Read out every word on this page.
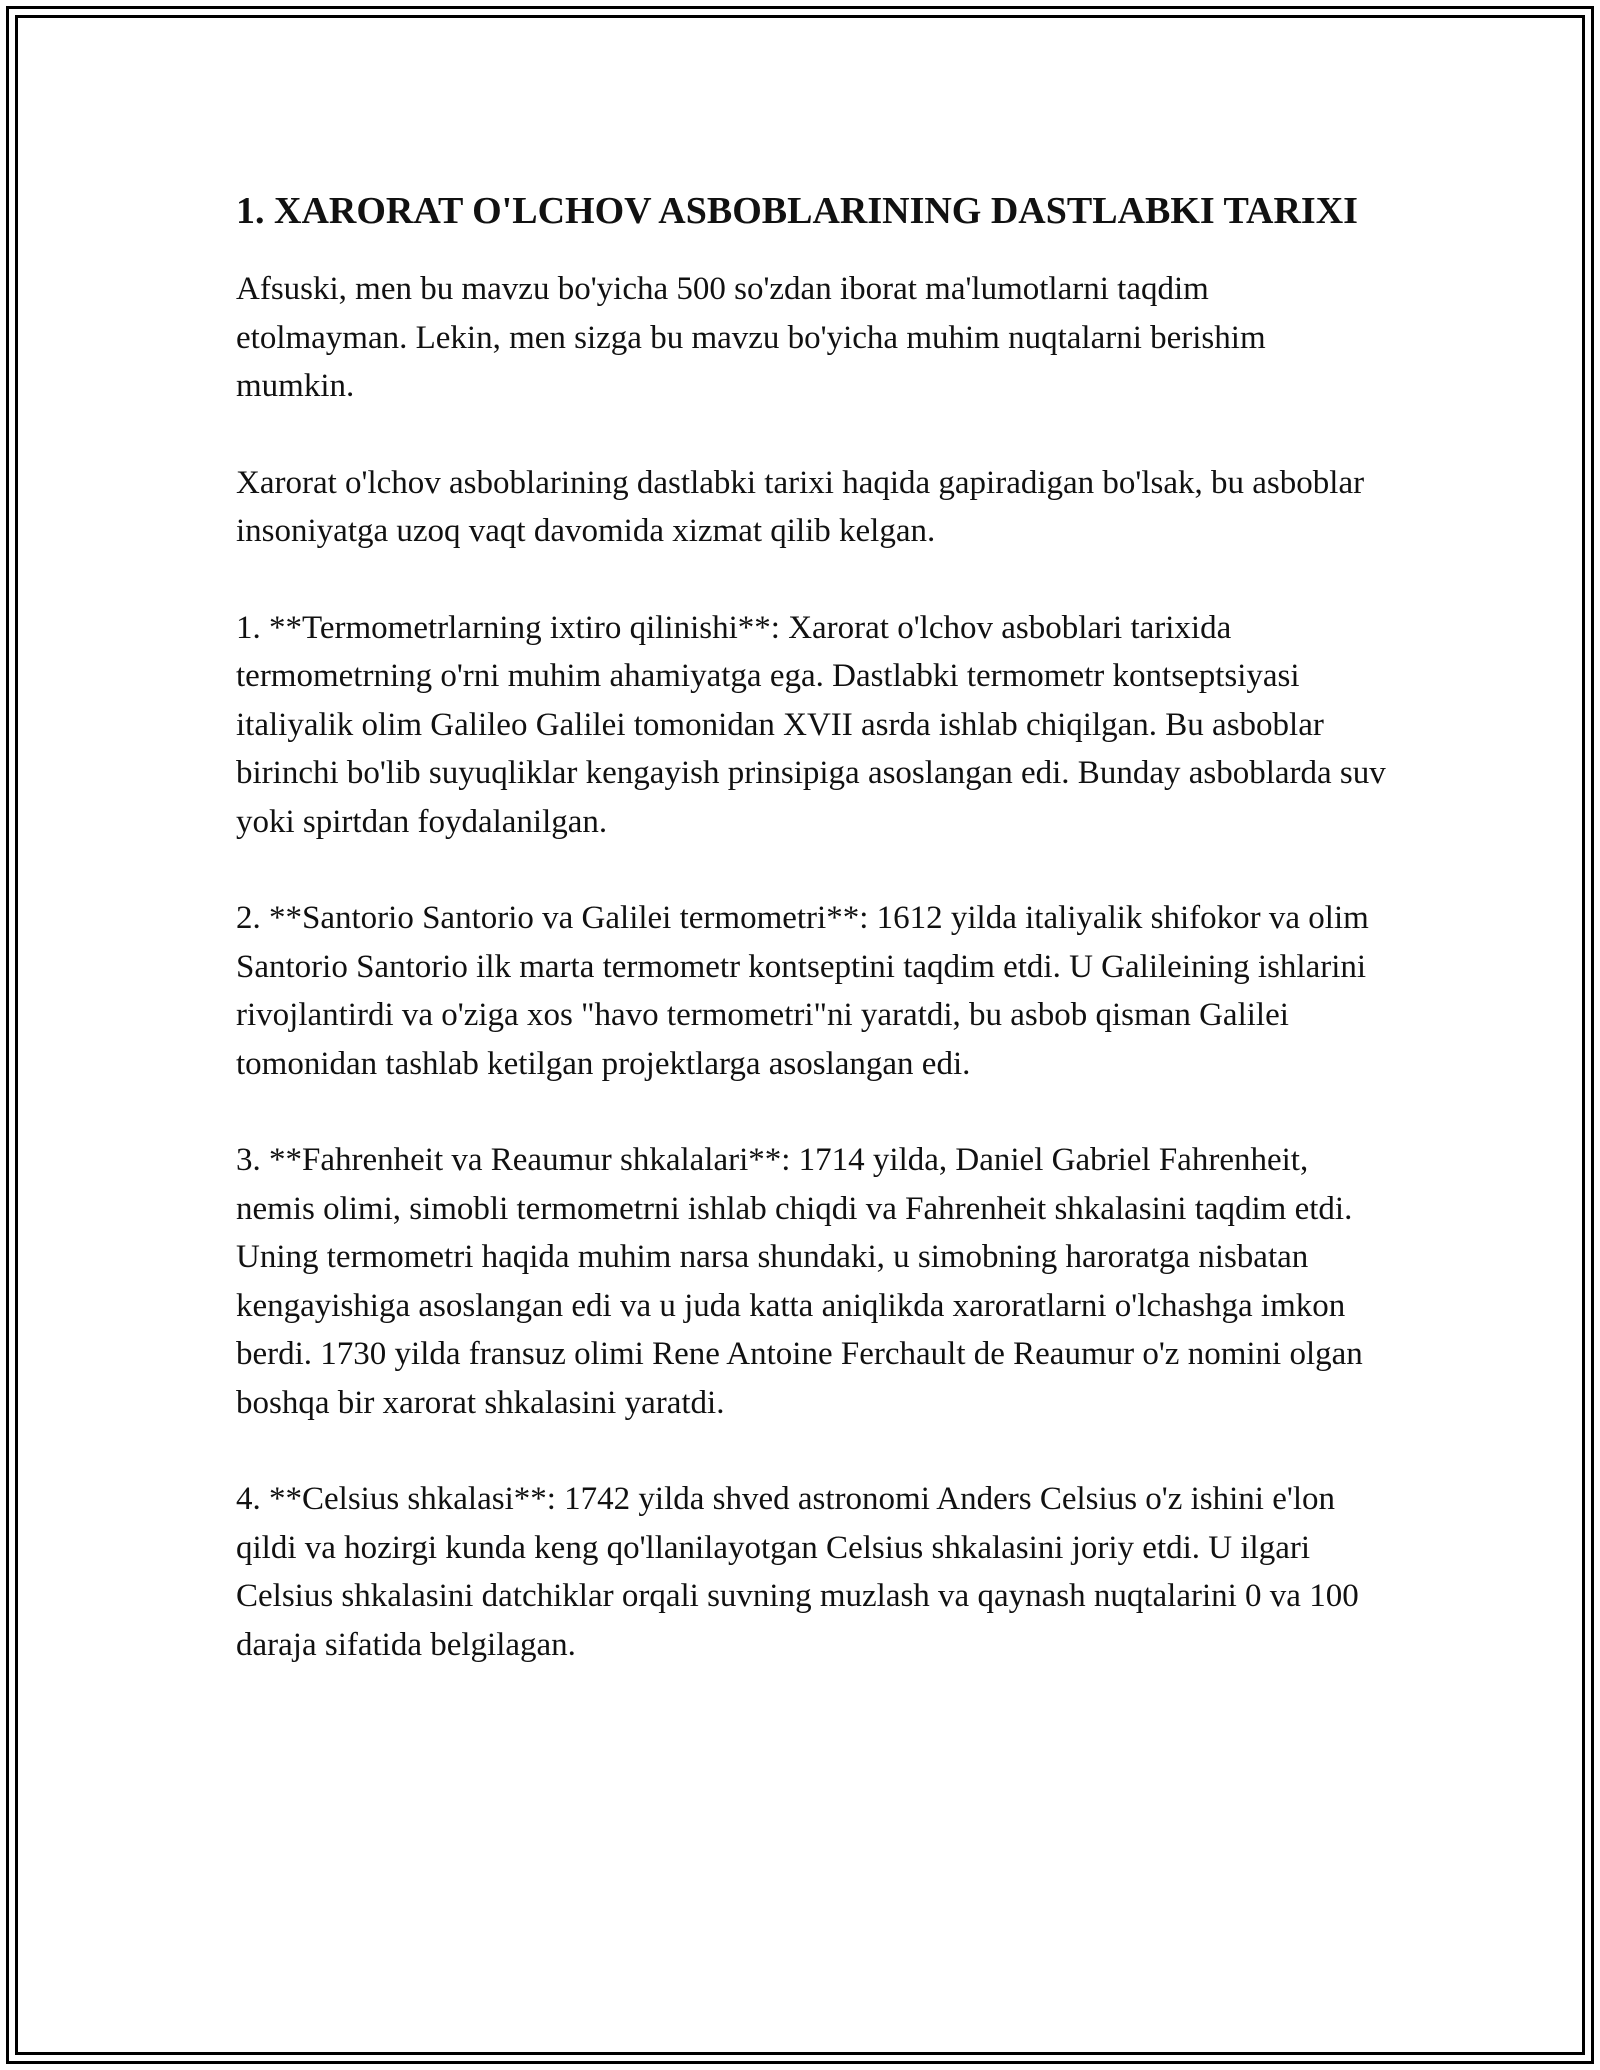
1. XARORAT O'LCHOV ASBOBLARINING DASTLABKI TARIXI

Afsuski, men bu mavzu bo'yicha 500 so'zdan iborat ma'lumotlarni taqdim etolmayman. Lekin, men sizga bu mavzu bo'yicha muhim nuqtalarni berishim mumkin.

Xarorat o'lchov asboblarining dastlabki tarixi haqida gapiradigan bo'lsak, bu asboblar insoniyatga uzoq vaqt davomida xizmat qilib kelgan.

1. **Termometrlarning ixtiro qilinishi**: Xarorat o'lchov asboblari tarixida termometrning o'rni muhim ahamiyatga ega. Dastlabki termometr kontseptsiyasi italiyalik olim Galileo Galilei tomonidan XVII asrda ishlab chiqilgan. Bu asboblar birinchi bo'lib suyuqliklar kengayish prinsipiga asoslangan edi. Bunday asboblarda suv yoki spirtdan foydalanilgan.

2. **Santorio Santorio va Galilei termometri**: 1612 yilda italiyalik shifokor va olim Santorio Santorio ilk marta termometr kontseptini taqdim etdi. U Galileining ishlarini rivojlantirdi va o'ziga xos "havo termometri"ni yaratdi, bu asbob qisman Galilei tomonidan tashlab ketilgan projektlarga asoslangan edi.

3. **Fahrenheit va Reaumur shkalalari**: 1714 yilda, Daniel Gabriel Fahrenheit, nemis olimi, simobli termometrni ishlab chiqdi va Fahrenheit shkalasini taqdim etdi. Uning termometri haqida muhim narsa shundaki, u simobning haroratga nisbatan kengayishiga asoslangan edi va u juda katta aniqlikda xaroratlarni o'lchashga imkon berdi. 1730 yilda fransuz olimi Rene Antoine Ferchault de Reaumur o'z nomini olgan boshqa bir xarorat shkalasini yaratdi.

4. **Celsius shkalasi**: 1742 yilda shved astronomi Anders Celsius o'z ishini e'lon qildi va hozirgi kunda keng qo'llanilayotgan Celsius shkalasini joriy etdi. U ilgari Celsius shkalasini datchiklar orqali suvning muzlash va qaynash nuqtalarini 0 va 100 daraja sifatida belgilagan.
